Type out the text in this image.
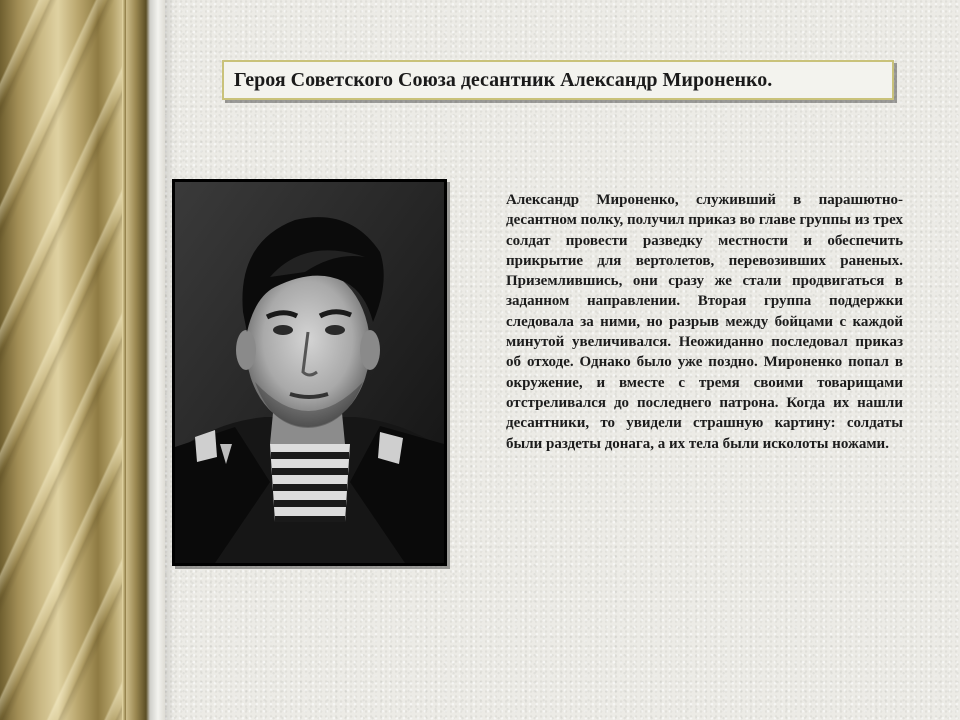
Героя Советского Союза десантник Александр Мироненко.

Александр Мироненко, служивший в парашютно-десантном полку, получил приказ во главе группы из трех солдат провести разведку местности и обеспечить прикрытие для вертолетов, перевозивших раненых. Приземлившись, они сразу же стали продвигаться в заданном направлении. Вторая группа поддержки следовала за ними, но разрыв между бойцами с каждой минутой увеличивался. Неожиданно последовал приказ об отходе. Однако было уже поздно. Мироненко попал в окружение, и вместе с тремя своими товарищами отстреливался до последнего патрона. Когда их нашли десантники, то увидели страшную картину: солдаты были раздеты донага, а их тела были исколоты ножами.
